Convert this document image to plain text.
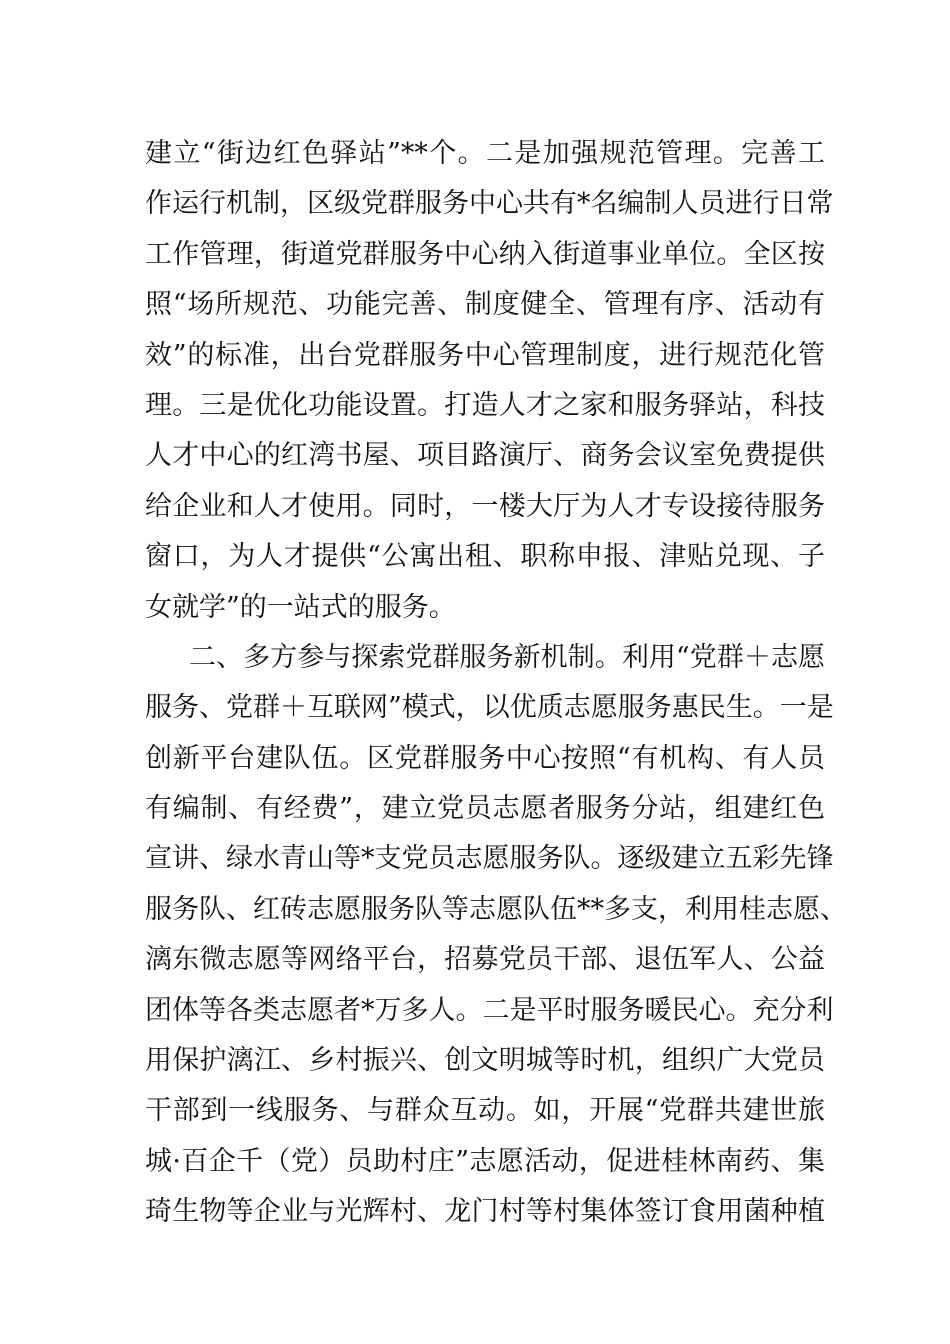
建立“街边红色驿站”**个。二是加强规范管理。完善工
作运行机制，区级党群服务中心共有*名编制人员进行日常
工作管理，街道党群服务中心纳入街道事业单位。全区按
照“场所规范、功能完善、制度健全、管理有序、活动有
效”的标准，出台党群服务中心管理制度，进行规范化管
理。三是优化功能设置。打造人才之家和服务驿站，科技
人才中心的红湾书屋、项目路演厅、商务会议室免费提供
给企业和人才使用。同时，一楼大厅为人才专设接待服务
窗口，为人才提供“公寓出租、职称申报、津贴兑现、子
女就学”的一站式的服务。
二、多方参与探索党群服务新机制。利用“党群＋志愿
服务、党群＋互联网”模式，以优质志愿服务惠民生。一是
创新平台建队伍。区党群服务中心按照“有机构、有人员
有编制、有经费”，建立党员志愿者服务分站，组建红色
宣讲、绿水青山等*支党员志愿服务队。逐级建立五彩先锋
服务队、红砖志愿服务队等志愿队伍**多支，利用桂志愿、
漓东微志愿等网络平台，招募党员干部、退伍军人、公益
团体等各类志愿者*万多人。二是平时服务暖民心。充分利
用保护漓江、乡村振兴、创文明城等时机，组织广大党员
干部到一线服务、与群众互动。如，开展“党群共建世旅
城·百企千（党）员助村庄”志愿活动，促进桂林南药、集
琦生物等企业与光辉村、龙门村等村集体签订食用菌种植
